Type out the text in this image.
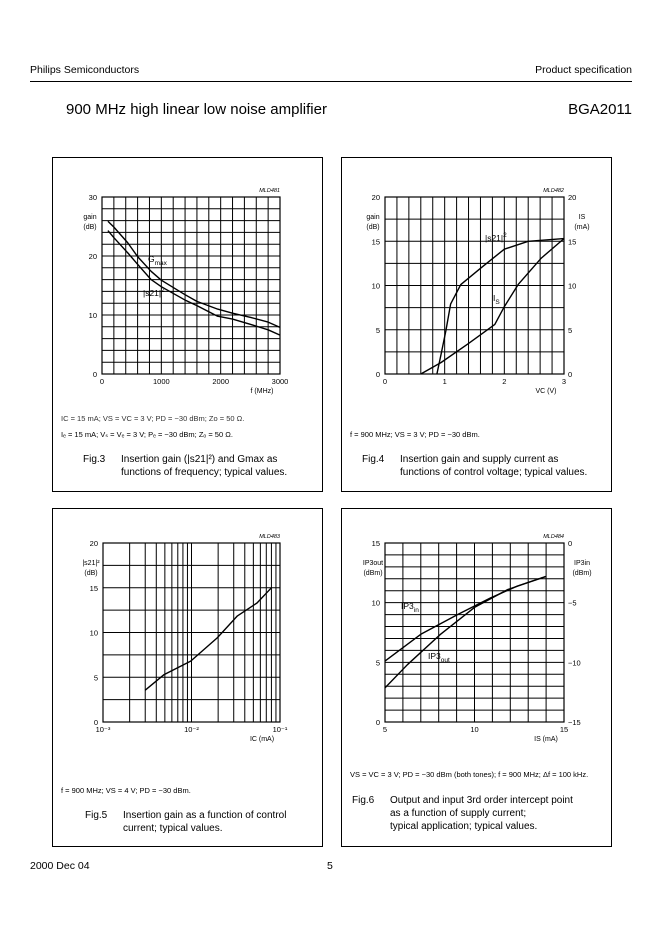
Philips Semiconductors	Product specification
900 MHz high linear low noise amplifier	BGA2011
0	1000	2000	3000
0
10
20
30
f (MHz)
gain
(dB)
MLD481
$G_{max}$
$|s21|^2$
IC = 15 mA; VS = VC = 3 V; PD = −30 dBm; Zo = 50 Ω.
Iₑ = 15 mA; Vₛ = Vₑ = 3 V; Pₑ = −30 dBm; Zₒ = 50 Ω.
Fig.3 Insertion gain (|s21|²) and Gmax as
functions of frequency; typical values.
0	1	2	3
0
5
10
15
20
0
5
10
15
20
VC (V)
gain
(dB)
IS
(mA)
MLD482
$|s21|^2$
$I_S$
f = 900 MHz; VS = 3 V; PD = −30 dBm.
Fig.4 Insertion gain and supply current as
functions of control voltage; typical values.
10⁻³	10⁻²	10⁻¹
0
5
10
15
20
IC (mA)
|s21|²
(dB)
MLD483
f = 900 MHz; VS = 4 V; PD = −30 dBm.
Fig.5 Insertion gain as a function of control
current; typical values.
5	10	15
0
5
10
15
−15
−10
−5
0
IS (mA)
IP3out
(dBm)
IP3in
(dBm)
MLD484
$IP3_{in}$
$IP3_{out}$
VS = VC = 3 V; PD = −30 dBm (both tones); f = 900 MHz; Δf = 100 kHz.
Fig.6 Output and input 3rd order intercept point
as a function of supply current;
typical application; typical values.
2000 Dec 04	5
